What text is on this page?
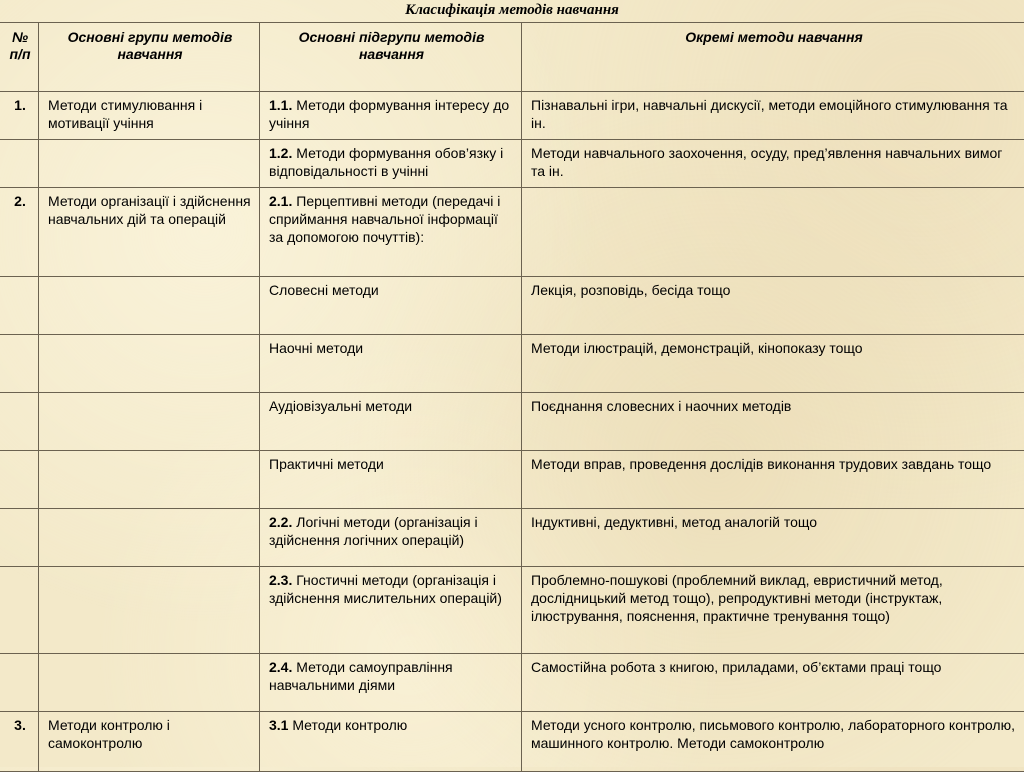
Класифікація методів навчання
№ п/п	Основні групи методів навчання	Основні підгрупи методів навчання	Окремі методи навчання
1.	Методи стимулювання і мотивації учіння	1.1. Методи формування інтересу до учіння	Пізнавальні ігри, навчальні дискусії, методи емоційного стимулювання та ін.
		1.2. Методи формування обов’язку і відповідальності в учінні	Методи навчального заохочення, осуду, пред’явлення навчальних вимог та ін.
2.	Методи організації і здійснення навчальних дій та операцій	2.1. Перцептивні методи (передачі і сприймання навчальної інформації за допомогою почуттів):	
		Словесні методи	Лекція, розповідь, бесіда тощо
		Наочні методи	Методи ілюстрацій, демонстрацій, кінопоказу тощо
		Аудіовізуальні методи	Поєднання словесних і наочних методів
		Практичні методи	Методи вправ, проведення дослідів виконання трудових завдань тощо
		2.2. Логічні методи (організація і здійснення логічних операцій)	Індуктивні, дедуктивні, метод аналогій тощо
		2.3. Гностичні методи (організація і здійснення мислительних операцій)	Проблемно-пошукові (проблемний виклад, евристичний метод, дослідницький метод тощо), репродуктивні методи (інструктаж, ілюстрування, пояснення, практичне тренування тощо)
		2.4. Методи самоуправління навчальними діями	Самостійна робота з книгою, приладами, об’єктами праці тощо
3.	Методи контролю і самоконтролю	3.1 Методи контролю	Методи усного контролю, письмового контролю, лабораторного контролю, машинного контролю. Методи самоконтролю
